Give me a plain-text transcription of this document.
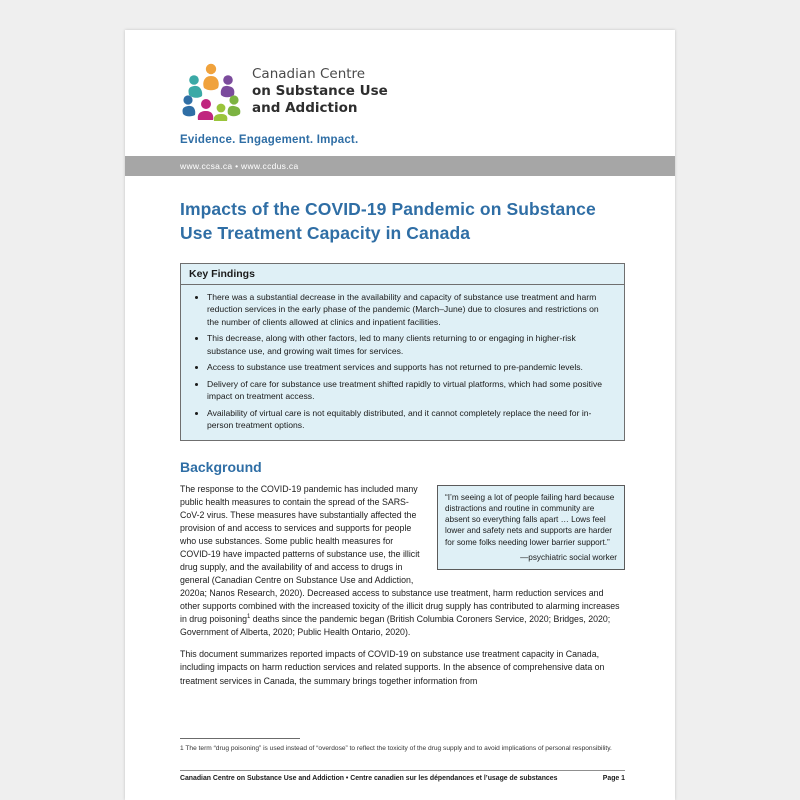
Canadian Centre
on Substance Use
and Addiction
Evidence. Engagement. Impact.
www.ccsa.ca • www.ccdus.ca
Impacts of the COVID-19 Pandemic on Substance Use Treatment Capacity in Canada
Key Findings
• There was a substantial decrease in the availability and capacity of substance use treatment and harm reduction services in the early phase of the pandemic (March–June) due to closures and restrictions on the number of clients allowed at clinics and inpatient facilities.
• This decrease, along with other factors, led to many clients returning to or engaging in higher-risk substance use, and growing wait times for services.
• Access to substance use treatment services and supports has not returned to pre-pandemic levels.
• Delivery of care for substance use treatment shifted rapidly to virtual platforms, which had some positive impact on treatment access.
• Availability of virtual care is not equitably distributed, and it cannot completely replace the need for in-person treatment options.
Background
“I’m seeing a lot of people failing hard because distractions and routine in community are absent so everything falls apart … Lows feel lower and safety nets and supports are harder for some folks needing lower barrier support.”
—psychiatric social worker

The response to the COVID-19 pandemic has included many public health measures to contain the spread of the SARS-CoV-2 virus. These measures have substantially affected the provision of and access to services and supports for people who use substances. Some public health measures for COVID-19 have impacted patterns of substance use, the illicit drug supply, and the availability of and access to drugs in general (Canadian Centre on Substance Use and Addiction, 2020a; Nanos Research, 2020). Decreased access to substance use treatment, harm reduction services and other supports combined with the increased toxicity of the illicit drug supply has contributed to alarming increases in drug poisoning$^1$ deaths since the pandemic began (British Columbia Coroners Service, 2020; Bridges, 2020; Government of Alberta, 2020; Public Health Ontario, 2020).

This document summarizes reported impacts of COVID-19 on substance use treatment capacity in Canada, including impacts on harm reduction services and related supports. In the absence of comprehensive data on treatment services in Canada, the summary brings together information from

1 The term “drug poisoning” is used instead of “overdose” to reflect the toxicity of the drug supply and to avoid implications of personal responsibility.
Canadian Centre on Substance Use and Addiction • Centre canadien sur les dépendances et l’usage de substances	Page 1
